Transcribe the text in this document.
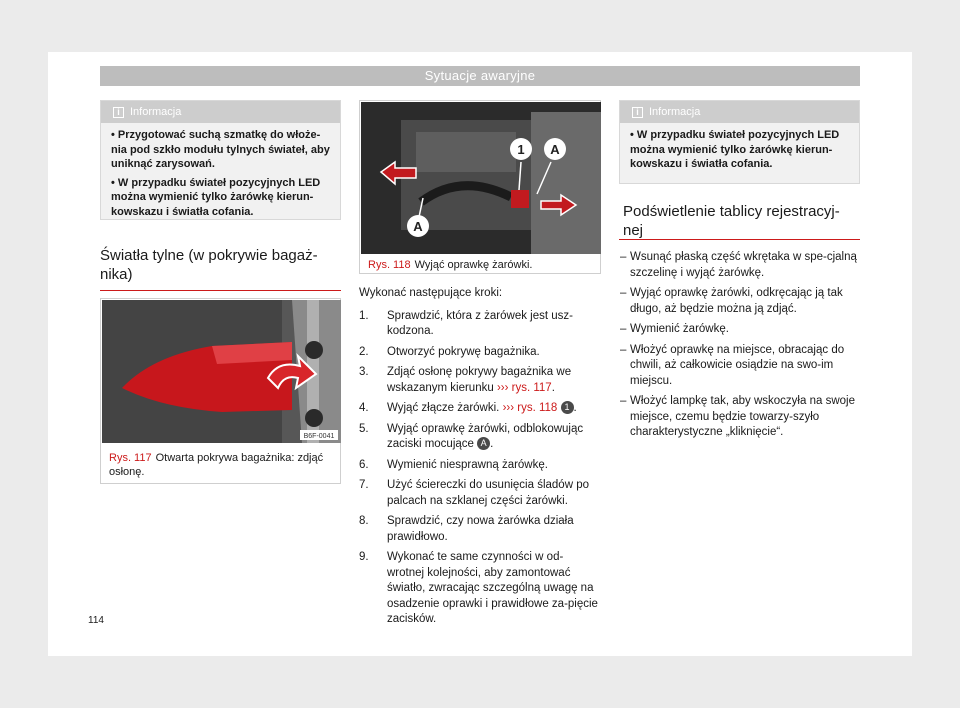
Sytuacje awaryjne
i Informacja
• Przygotować suchą szmatkę do włoże-nia pod szkło modułu tylnych świateł, aby uniknąć zarysowań.
• W przypadku świateł pozycyjnych LED można wymienić tylko żarówkę kierun-kowskazu i światła cofania.
Światła tylne (w pokrywie bagaż-nika)
B6F-0041
Rys. 117 Otwarta pokrywa bagażnika: zdjąć osłonę.
1 A
A
Rys. 118 Wyjąć oprawkę żarówki.
Wykonać następujące kroki:
1.	Sprawdzić, która z żarówek jest usz-kodzona.
2.	Otworzyć pokrywę bagażnika.
3.	Zdjąć osłonę pokrywy bagażnika we wskazanym kierunku ››› rys. 117.
4.	Wyjąć złącze żarówki. ››› rys. 118 1 .
5.	Wyjąć oprawkę żarówki, odblokowując zaciski mocujące A .
6.	Wymienić niesprawną żarówkę.
7.	Użyć ściereczki do usunięcia śladów po palcach na szklanej części żarówki.
8.	Sprawdzić, czy nowa żarówka działa prawidłowo.
9.	Wykonać te same czynności w od-wrotnej kolejności, aby zamontować światło, zwracając szczególną uwagę na osadzenie oprawki i prawidłowe za-pięcie zacisków.
i Informacja
• W przypadku świateł pozycyjnych LED można wymienić tylko żarówkę kierun-kowskazu i światła cofania.
Podświetlenie tablicy rejestracyj-nej
– Wsunąć płaską część wkrętaka w spe-cjalną szczelinę i wyjąć żarówkę.
– Wyjąć oprawkę żarówki, odkręcając ją tak długo, aż będzie można ją zdjąć.
– Wymienić żarówkę.
– Włożyć oprawkę na miejsce, obracając do chwili, aż całkowicie osiądzie na swo-im miejscu.
– Włożyć lampkę tak, aby wskoczyła na swoje miejsce, czemu będzie towarzy-szyło charakterystyczne „kliknięcie“.
114
